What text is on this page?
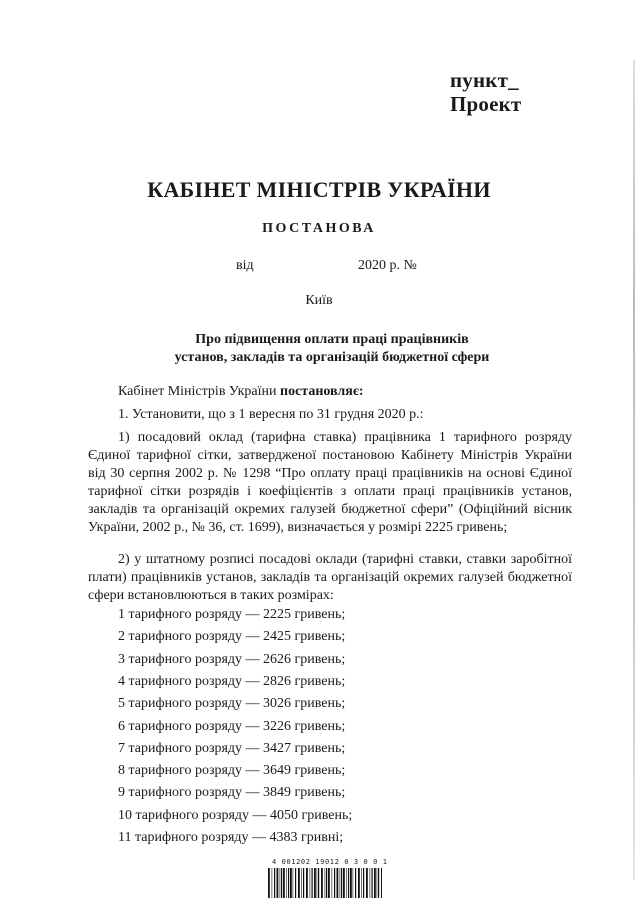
пункт_
Проект
КАБІНЕТ МІНІСТРІВ УКРАЇНИ
ПОСТАНОВА
від	2020 р. №
Київ
Про підвищення оплати праці працівників
установ, закладів та організацій бюджетної сфери

Кабінет Міністрів України постановляє:

1. Установити, що з 1 вересня по 31 грудня 2020 р.:

1) посадовий оклад (тарифна ставка) працівника 1 тарифного розряду Єдиної тарифної сітки, затвердженої постановою Кабінету Міністрів України від 30 серпня 2002 р. № 1298 “Про оплату праці працівників на основі Єдиної тарифної сітки розрядів і коефіцієнтів з оплати праці працівників установ, закладів та організацій окремих галузей бюджетної сфери” (Офіційний вісник України, 2002 р., № 36, ст. 1699), визначається у розмірі 2225 гривень;

2) у штатному розписі посадові оклади (тарифні ставки, ставки заробітної плати) працівників установ, закладів та організацій окремих галузей бюджетної сфери встановлюються в таких розмірах:

1 тарифного розряду — 2225 гривень;
2 тарифного розряду — 2425 гривень;
3 тарифного розряду — 2626 гривень;
4 тарифного розряду — 2826 гривень;
5 тарифного розряду — 3026 гривень;
6 тарифного розряду — 3226 гривень;
7 тарифного розряду — 3427 гривень;
8 тарифного розряду — 3649 гривень;
9 тарифного розряду — 3849 гривень;
10 тарифного розряду — 4050 гривень;
11 тарифного розряду — 4383 гривні;
4 001202 19012 0 3 0 0 1
